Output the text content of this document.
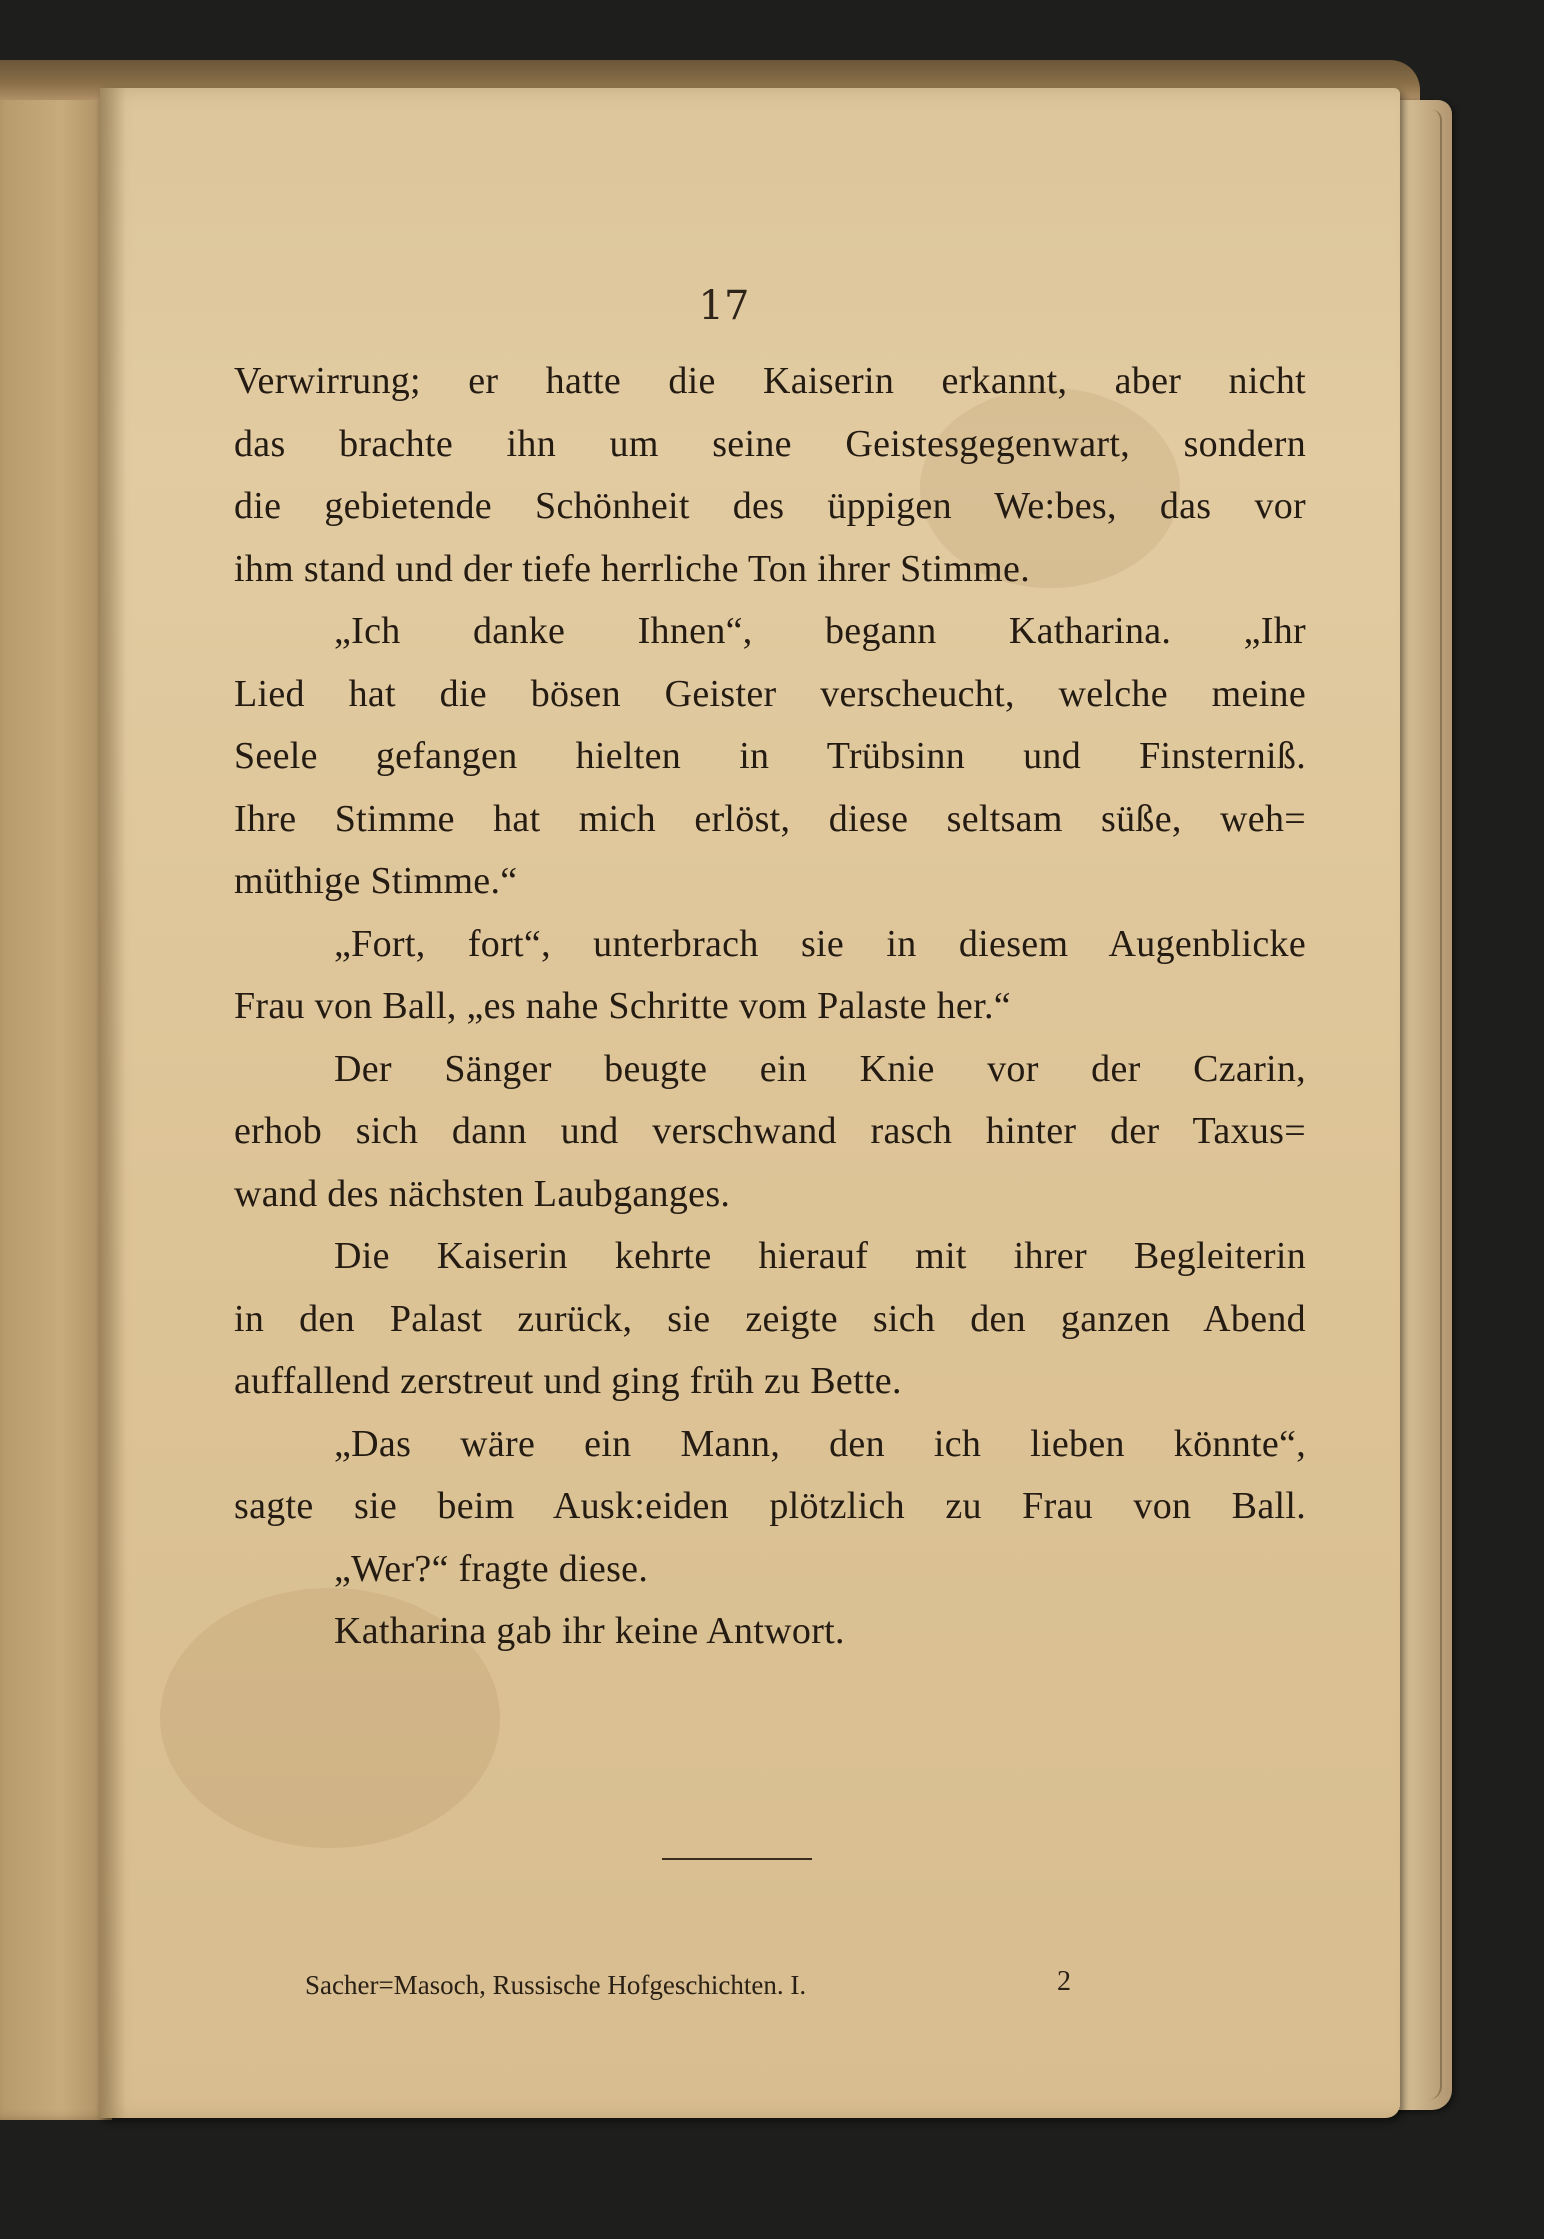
17
Verwirrung; er hatte die Kaiserin erkannt, aber nicht
das brachte ihn um seine Geistesgegenwart, sondern
die gebietende Schönheit des üppigen We:bes, das vor
ihm stand und der tiefe herrliche Ton ihrer Stimme.
„Ich danke Ihnen“, begann Katharina. „Ihr
Lied hat die bösen Geister verscheucht, welche meine
Seele gefangen hielten in Trübsinn und Finsterniß.
Ihre Stimme hat mich erlöst, diese seltsam süße, weh=
müthige Stimme.“
„Fort, fort“, unterbrach sie in diesem Augenblicke
Frau von Ball, „es nahe Schritte vom Palaste her.“
Der Sänger beugte ein Knie vor der Czarin,
erhob sich dann und verschwand rasch hinter der Taxus=
wand des nächsten Laubganges.
Die Kaiserin kehrte hierauf mit ihrer Begleiterin
in den Palast zurück, sie zeigte sich den ganzen Abend
auffallend zerstreut und ging früh zu Bette.
„Das wäre ein Mann, den ich lieben könnte“,
sagte sie beim Ausk:eiden plötzlich zu Frau von Ball.
„Wer?“ fragte diese.
Katharina gab ihr keine Antwort.
Sacher=Masoch, Russische Hofgeschichten. I.	2
